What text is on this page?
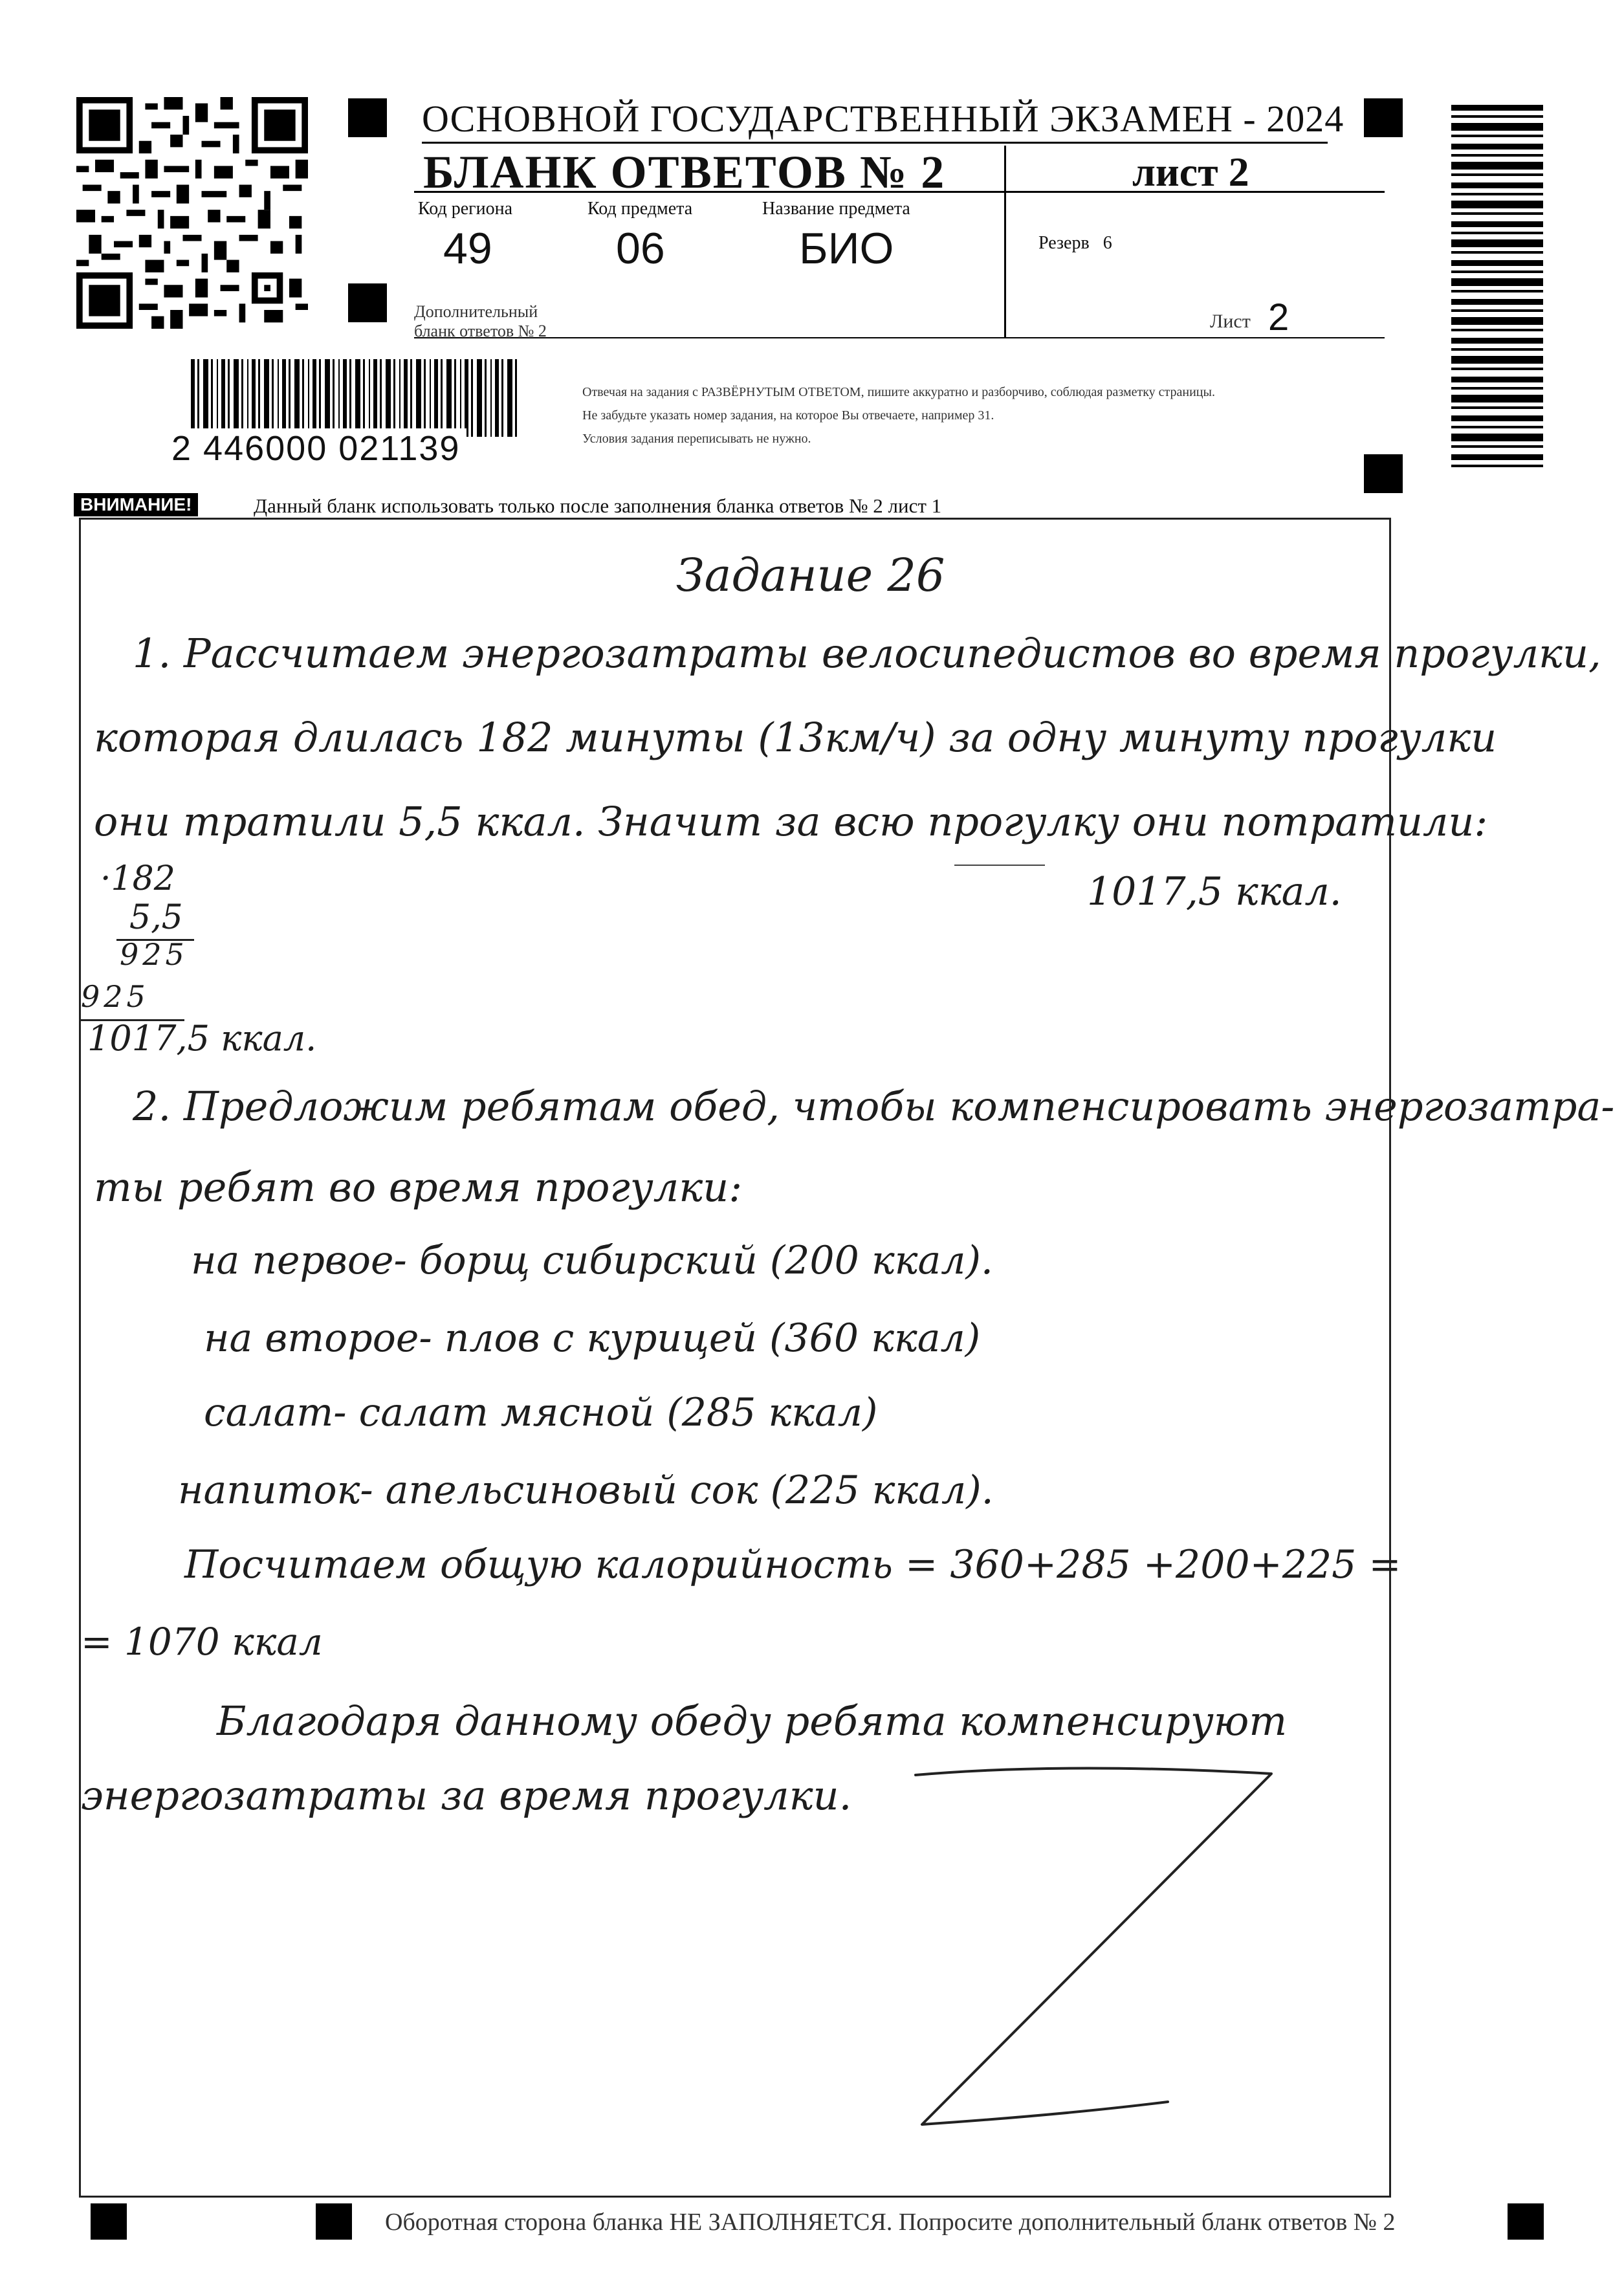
ОСНОВНОЙ ГОСУДАРСТВЕННЫЙ ЭКЗАМЕН - 2024
БЛАНК ОТВЕТОВ № 2	лист 2
Код региона
49
Код предмета
06
Название предмета
БИО	Резерв 6
Дополнительный
бланк ответов № 2	Лист 2
2 446000 021139
Отвечая на задания с РАЗВЁРНУТЫМ ОТВЕТОМ, пишите аккуратно и разборчиво, соблюдая разметку страницы.
Не забудьте указать номер задания, на которое Вы отвечаете, например 31.
Условия задания переписывать не нужно.
ВНИМАНИЕ!	Данный бланк использовать только после заполнения бланка ответов № 2 лист 1
Задание 26
1. Рассчитаем энергозатраты велосипедистов во время прогулки,
которая длилась 182 минуты (13км/ч) за одну минуту прогулки
они тратили 5,5 ккал. Значит за всю прогулку они потратили:
·182
5,5
925
925
1017,5 ккал.
1017,5 ккал.
2. Предложим ребятам обед, чтобы компенсировать энергозатра-
ты ребят во время прогулки:
на первое- борщ сибирский (200 ккал).
на второе- плов с курицей (360 ккал)
салат- салат мясной (285 ккал)
напиток- апельсиновый сок (225 ккал).
Посчитаем общую калорийность = 360+285 +200+225 =
= 1070 ккал
Благодаря данному обеду ребята компенсируют
энергозатраты за время прогулки.
Оборотная сторона бланка НЕ ЗАПОЛНЯЕТСЯ. Попросите дополнительный бланк ответов № 2
